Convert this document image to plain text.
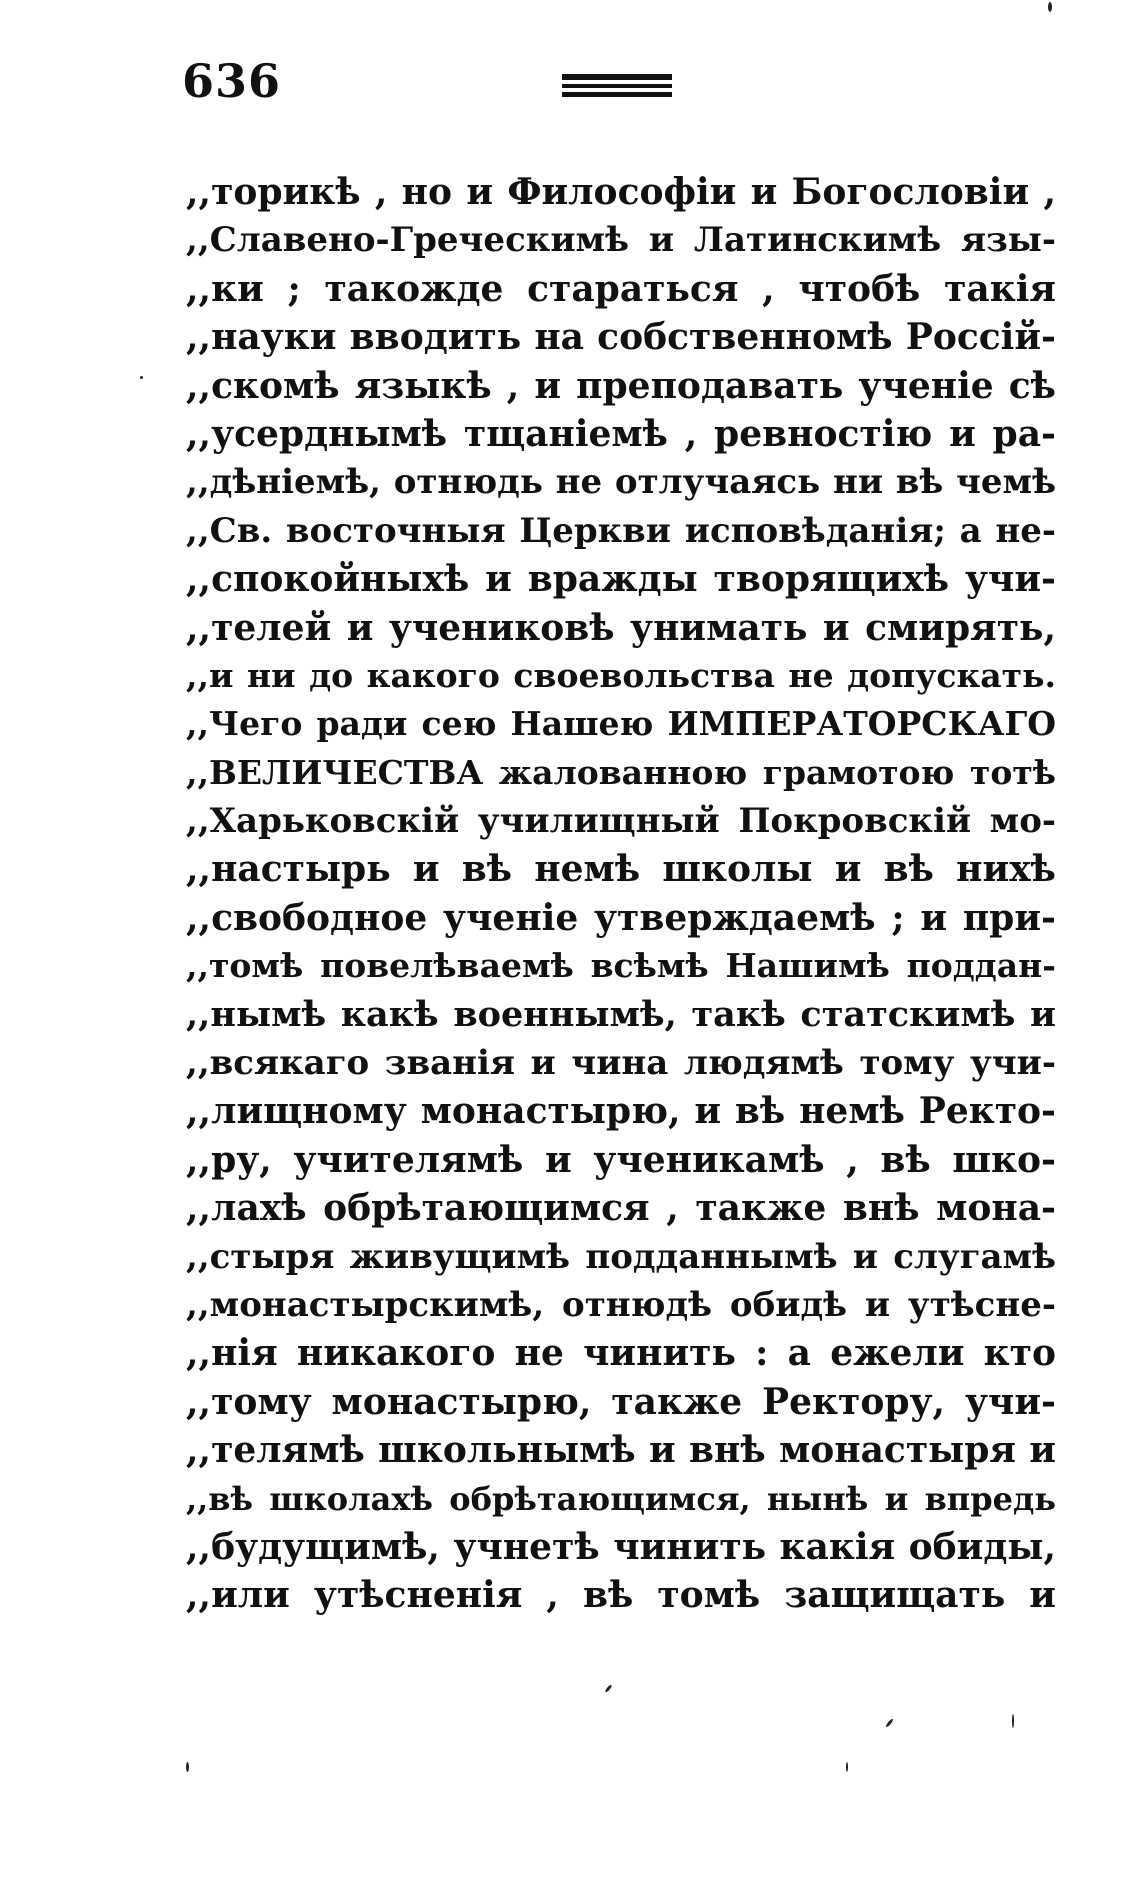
636
,,торикѣ , но и Философіи и Богословіи ,
,,Славено-Греческимѣ и Латинскимѣ язы-
,,ки ; такожде стараться , чтобѣ такія
,,науки вводить на собственномѣ Россій-
,,скомѣ языкѣ , и преподавать ученіе сѣ
,,усерднымѣ тщаніемѣ , ревностію и ра-
,,дѣніемѣ, отнюдь не отлучаясь ни вѣ чемѣ
,,Св. восточныя Церкви исповѣданія; а не-
,,спокойныхѣ и вражды творящихѣ учи-
,,телей и учениковѣ унимать и смирять,
,,и ни до какого своевольства не допускать.
,,Чего ради сею Нашею ИМПЕРАТОРСКАГО
,,ВЕЛИЧЕСТВА жалованною грамотою тотѣ
,,Харьковскій училищный Покровскій мо-
,,настырь и вѣ немѣ школы и вѣ нихѣ
,,свободное ученіе утверждаемѣ ; и при-
,,томѣ повелѣваемѣ всѣмѣ Нашимѣ поддан-
,,нымѣ какѣ военнымѣ, такѣ статскимѣ и
,,всякаго званія и чина людямѣ тому учи-
,,лищному монастырю, и вѣ немѣ Ректо-
,,ру, учителямѣ и ученикамѣ , вѣ шко-
,,лахѣ обрѣтающимся , также внѣ мона-
,,стыря живущимѣ подданнымѣ и слугамѣ
,,монастырскимѣ, отнюдѣ обидѣ и утѣсне-
,,нія никакого не чинить : а ежели кто
,,тому монастырю, также Ректору, учи-
,,телямѣ школьнымѣ и внѣ монастыря и
,,вѣ школахѣ обрѣтающимся, нынѣ и впредь
,,будущимѣ, учнетѣ чинить какія обиды,
,,или утѣсненія , вѣ томѣ защищать и
